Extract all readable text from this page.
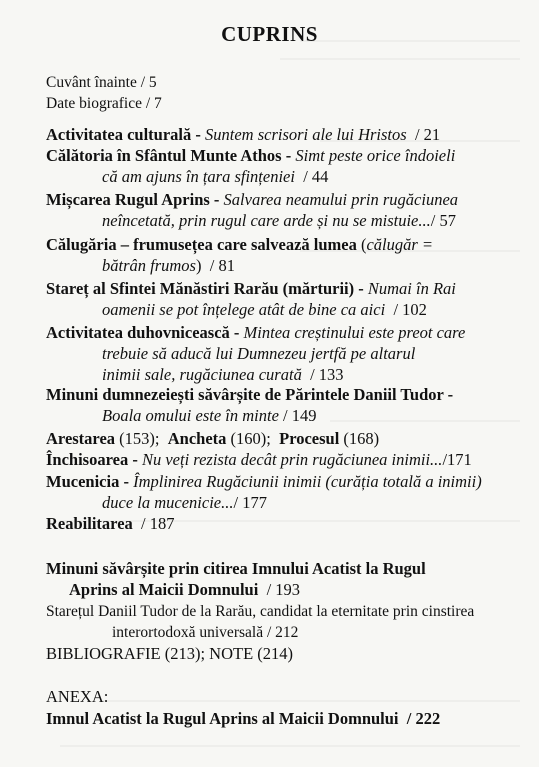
CUPRINS
Cuvânt înainte / 5
Date biografice / 7
Activitatea culturală - Suntem scrisori ale lui Hristos / 21
Călătoria în Sfântul Munte Athos - Simt peste orice îndoieli
că am ajuns în țara sfințeniei / 44
Mișcarea Rugul Aprins - Salvarea neamului prin rugăciunea
neîncetată, prin rugul care arde și nu se mistuie.../ 57
Călugăria – frumusețea care salvează lumea (călugăr =
bătrân frumos) / 81
Stareț al Sfintei Mănăstiri Rarău (mărturii) - Numai în Rai
oamenii se pot înțelege atât de bine ca aici / 102
Activitatea duhovnicească - Mintea creștinului este preot care
trebuie să aducă lui Dumnezeu jertfă pe altarul
inimii sale, rugăciunea curată / 133
Minuni dumnezeiești săvârșite de Părintele Daniil Tudor -
Boala omului este în minte / 149
Arestarea (153); Ancheta (160); Procesul (168)
Închisoarea - Nu veți rezista decât prin rugăciunea inimii.../171
Mucenicia - Împlinirea Rugăciunii inimii (curăția totală a inimii)
duce la mucenicie.../ 177
Reabilitarea / 187
Minuni săvârșite prin citirea Imnului Acatist la Rugul
Aprins al Maicii Domnului / 193
Starețul Daniil Tudor de la Rarău, candidat la eternitate prin cinstirea
interortodoxă universală / 212
BIBLIOGRAFIE (213); NOTE (214)
ANEXA:
Imnul Acatist la Rugul Aprins al Maicii Domnului / 222
